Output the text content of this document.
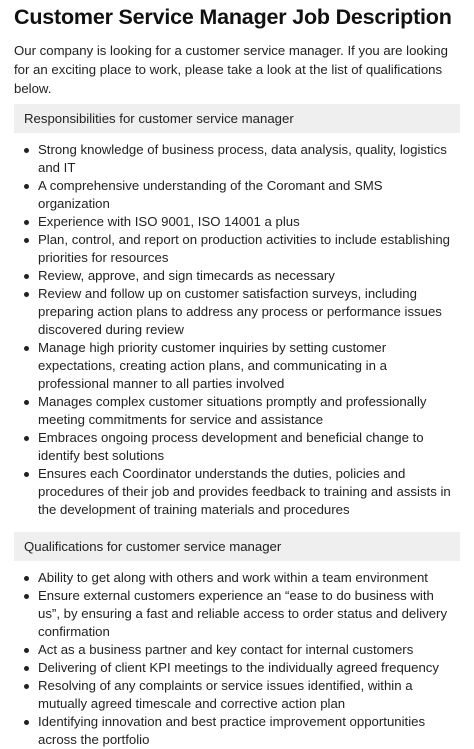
Customer Service Manager Job Description

Our company is looking for a customer service manager. If you are looking for an exciting place to work, please take a look at the list of qualifications below.

Responsibilities for customer service manager
Strong knowledge of business process, data analysis, quality, logistics and IT
A comprehensive understanding of the Coromant and SMS organization
Experience with ISO 9001, ISO 14001 a plus
Plan, control, and report on production activities to include establishing priorities for resources
Review, approve, and sign timecards as necessary
Review and follow up on customer satisfaction surveys, including preparing action plans to address any process or performance issues discovered during review
Manage high priority customer inquiries by setting customer expectations, creating action plans, and communicating in a professional manner to all parties involved
Manages complex customer situations promptly and professionally meeting commitments for service and assistance
Embraces ongoing process development and beneficial change to identify best solutions
Ensures each Coordinator understands the duties, policies and procedures of their job and provides feedback to training and assists in the development of training materials and procedures
Qualifications for customer service manager
Ability to get along with others and work within a team environment
Ensure external customers experience an “ease to do business with us”, by ensuring a fast and reliable access to order status and delivery confirmation
Act as a business partner and key contact for internal customers
Delivering of client KPI meetings to the individually agreed frequency
Resolving of any complaints or service issues identified, within a mutually agreed timescale and corrective action plan
Identifying innovation and best practice improvement opportunities across the portfolio
